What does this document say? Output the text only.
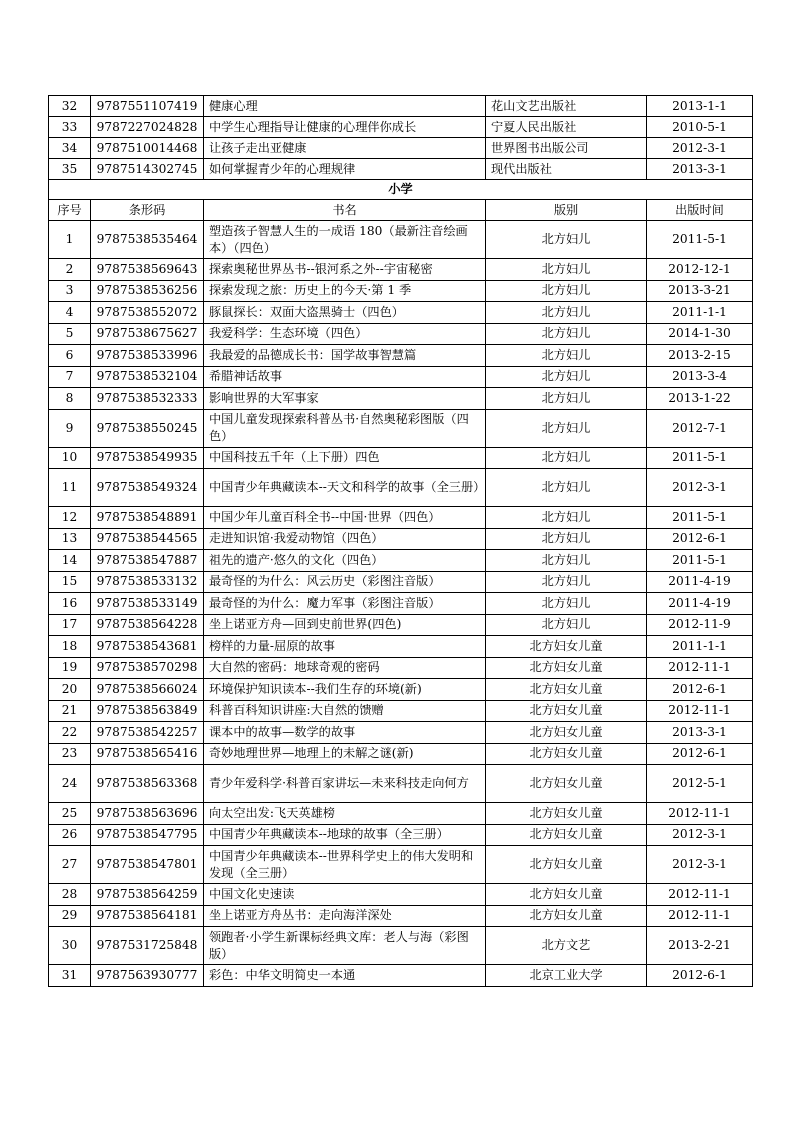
32	9787551107419	健康心理	花山文艺出版社	2013-1-1
33	9787227024828	中学生心理指导让健康的心理伴你成长	宁夏人民出版社	2010-5-1
34	9787510014468	让孩子走出亚健康	世界图书出版公司	2012-3-1
35	9787514302745	如何掌握青少年的心理规律	现代出版社	2013-3-1
小学				
序号	条形码	书名	版别	出版时间
1	9787538535464	塑造孩子智慧人生的一成语 180（最新注音绘画本）（四色）	北方妇儿	2011-5-1
2	9787538569643	探索奥秘世界丛书--银河系之外--宇宙秘密	北方妇儿	2012-12-1
3	9787538536256	探索发现之旅：历史上的今天·第 1 季	北方妇儿	2013-3-21
4	9787538552072	豚鼠探长：双面大盗黑骑士（四色）	北方妇儿	2011-1-1
5	9787538675627	我爱科学：生态环境（四色）	北方妇儿	2014-1-30
6	9787538533996	我最爱的品德成长书：国学故事智慧篇	北方妇儿	2013-2-15
7	9787538532104	希腊神话故事	北方妇儿	2013-3-4
8	9787538532333	影响世界的大军事家	北方妇儿	2013-1-22
9	9787538550245	中国儿童发现探索科普丛书·自然奥秘彩图版（四色）	北方妇儿	2012-7-1
10	9787538549935	中国科技五千年（上下册）四色	北方妇儿	2011-5-1
11	9787538549324	中国青少年典藏读本--天文和科学的故事（全三册）	北方妇儿	2012-3-1
12	9787538548891	中国少年儿童百科全书--中国·世界（四色）	北方妇儿	2011-5-1
13	9787538544565	走进知识馆·我爱动物馆（四色）	北方妇儿	2012-6-1
14	9787538547887	祖先的遗产·悠久的文化（四色）	北方妇儿	2011-5-1
15	9787538533132	最奇怪的为什么：风云历史（彩图注音版）	北方妇儿	2011-4-19
16	9787538533149	最奇怪的为什么：魔力军事（彩图注音版）	北方妇儿	2011-4-19
17	9787538564228	坐上诺亚方舟—回到史前世界(四色)	北方妇儿	2012-11-9
18	9787538543681	榜样的力量-屈原的故事	北方妇女儿童	2011-1-1
19	9787538570298	大自然的密码：地球奇观的密码	北方妇女儿童	2012-11-1
20	9787538566024	环境保护知识读本--我们生存的环境(新)	北方妇女儿童	2012-6-1
21	9787538563849	科普百科知识讲座:大自然的馈赠	北方妇女儿童	2012-11-1
22	9787538542257	课本中的故事—数学的故事	北方妇女儿童	2013-3-1
23	9787538565416	奇妙地理世界—地理上的未解之谜(新)	北方妇女儿童	2012-6-1
24	9787538563368	青少年爱科学·科普百家讲坛—未来科技走向何方	北方妇女儿童	2012-5-1
25	9787538563696	向太空出发:飞天英雄榜	北方妇女儿童	2012-11-1
26	9787538547795	中国青少年典藏读本--地球的故事（全三册）	北方妇女儿童	2012-3-1
27	9787538547801	中国青少年典藏读本--世界科学史上的伟大发明和发现（全三册）	北方妇女儿童	2012-3-1
28	9787538564259	中国文化史速读	北方妇女儿童	2012-11-1
29	9787538564181	坐上诺亚方舟丛书：走向海洋深处	北方妇女儿童	2012-11-1
30	9787531725848	领跑者·小学生新课标经典文库：老人与海（彩图版）	北方文艺	2013-2-21
31	9787563930777	彩色：中华文明简史一本通	北京工业大学	2012-6-1
